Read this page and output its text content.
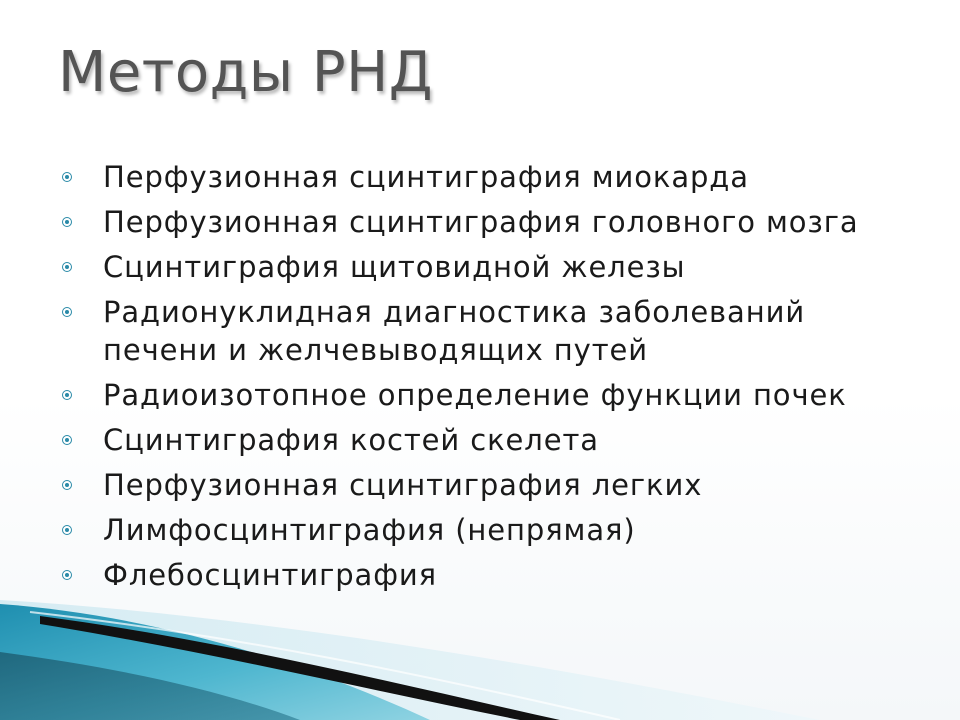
Методы РНД
Перфузионная сцинтиграфия миокарда
Перфузионная сцинтиграфия головного мозга
Сцинтиграфия щитовидной железы
Радионуклидная диагностика заболеваний печени и желчевыводящих путей
Радиоизотопное определение функции почек
Сцинтиграфия костей скелета
Перфузионная сцинтиграфия легких
Лимфосцинтиграфия (непрямая)
Флебосцинтиграфия
